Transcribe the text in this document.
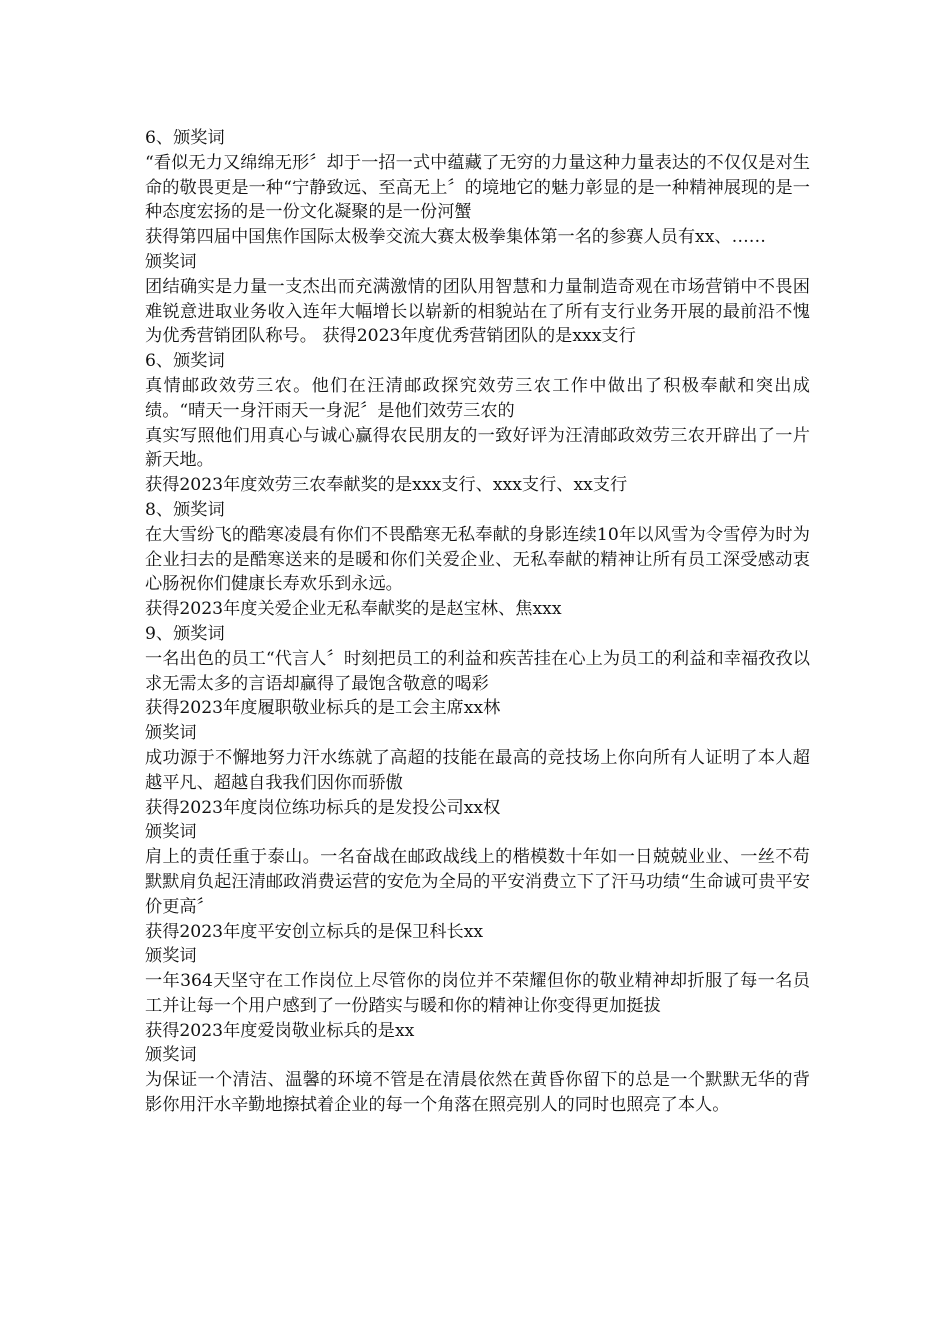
6、颁奖词
“看似无力又绵绵无形〞却于一招一式中蕴藏了无穷的力量这种力量表达的不仅仅是对生命的敬畏更是一种“宁静致远、至高无上〞的境地它的魅力彰显的是一种精神展现的是一种态度宏扬的是一份文化凝聚的是一份河蟹
获得第四届中国焦作国际太极拳交流大赛太极拳集体第一名的参赛人员有xx、……
颁奖词
团结确实是力量一支杰出而充满激情的团队用智慧和力量制造奇观在市场营销中不畏困难锐意进取业务收入连年大幅增长以崭新的相貌站在了所有支行业务开展的最前沿不愧为优秀营销团队称号。 获得2023年度优秀营销团队的是xxx支行
6、颁奖词
真情邮政效劳三农。他们在汪清邮政探究效劳三农工作中做出了积极奉献和突出成绩。“晴天一身汗雨天一身泥〞是他们效劳三农的
真实写照他们用真心与诚心赢得农民朋友的一致好评为汪清邮政效劳三农开辟出了一片新天地。
获得2023年度效劳三农奉献奖的是xxx支行、xxx支行、xx支行
8、颁奖词
在大雪纷飞的酷寒凌晨有你们不畏酷寒无私奉献的身影连续10年以风雪为令雪停为时为企业扫去的是酷寒送来的是暖和你们关爱企业、无私奉献的精神让所有员工深受感动衷心肠祝你们健康长寿欢乐到永远。
获得2023年度关爱企业无私奉献奖的是赵宝林、焦xxx
9、颁奖词
一名出色的员工“代言人〞时刻把员工的利益和疾苦挂在心上为员工的利益和幸福孜孜以求无需太多的言语却赢得了最饱含敬意的喝彩
获得2023年度履职敬业标兵的是工会主席xx林
颁奖词
成功源于不懈地努力汗水练就了高超的技能在最高的竞技场上你向所有人证明了本人超越平凡、超越自我我们因你而骄傲
获得2023年度岗位练功标兵的是发投公司xx权
颁奖词
肩上的责任重于泰山。一名奋战在邮政战线上的楷模数十年如一日兢兢业业、一丝不苟默默肩负起汪清邮政消费运营的安危为全局的平安消费立下了汗马功绩“生命诚可贵平安价更高〞
获得2023年度平安创立标兵的是保卫科长xx
颁奖词
一年364天坚守在工作岗位上尽管你的岗位并不荣耀但你的敬业精神却折服了每一名员工并让每一个用户感到了一份踏实与暖和你的精神让你变得更加挺拔
获得2023年度爱岗敬业标兵的是xx
颁奖词
为保证一个清洁、温馨的环境不管是在清晨依然在黄昏你留下的总是一个默默无华的背影你用汗水辛勤地擦拭着企业的每一个角落在照亮别人的同时也照亮了本人。
